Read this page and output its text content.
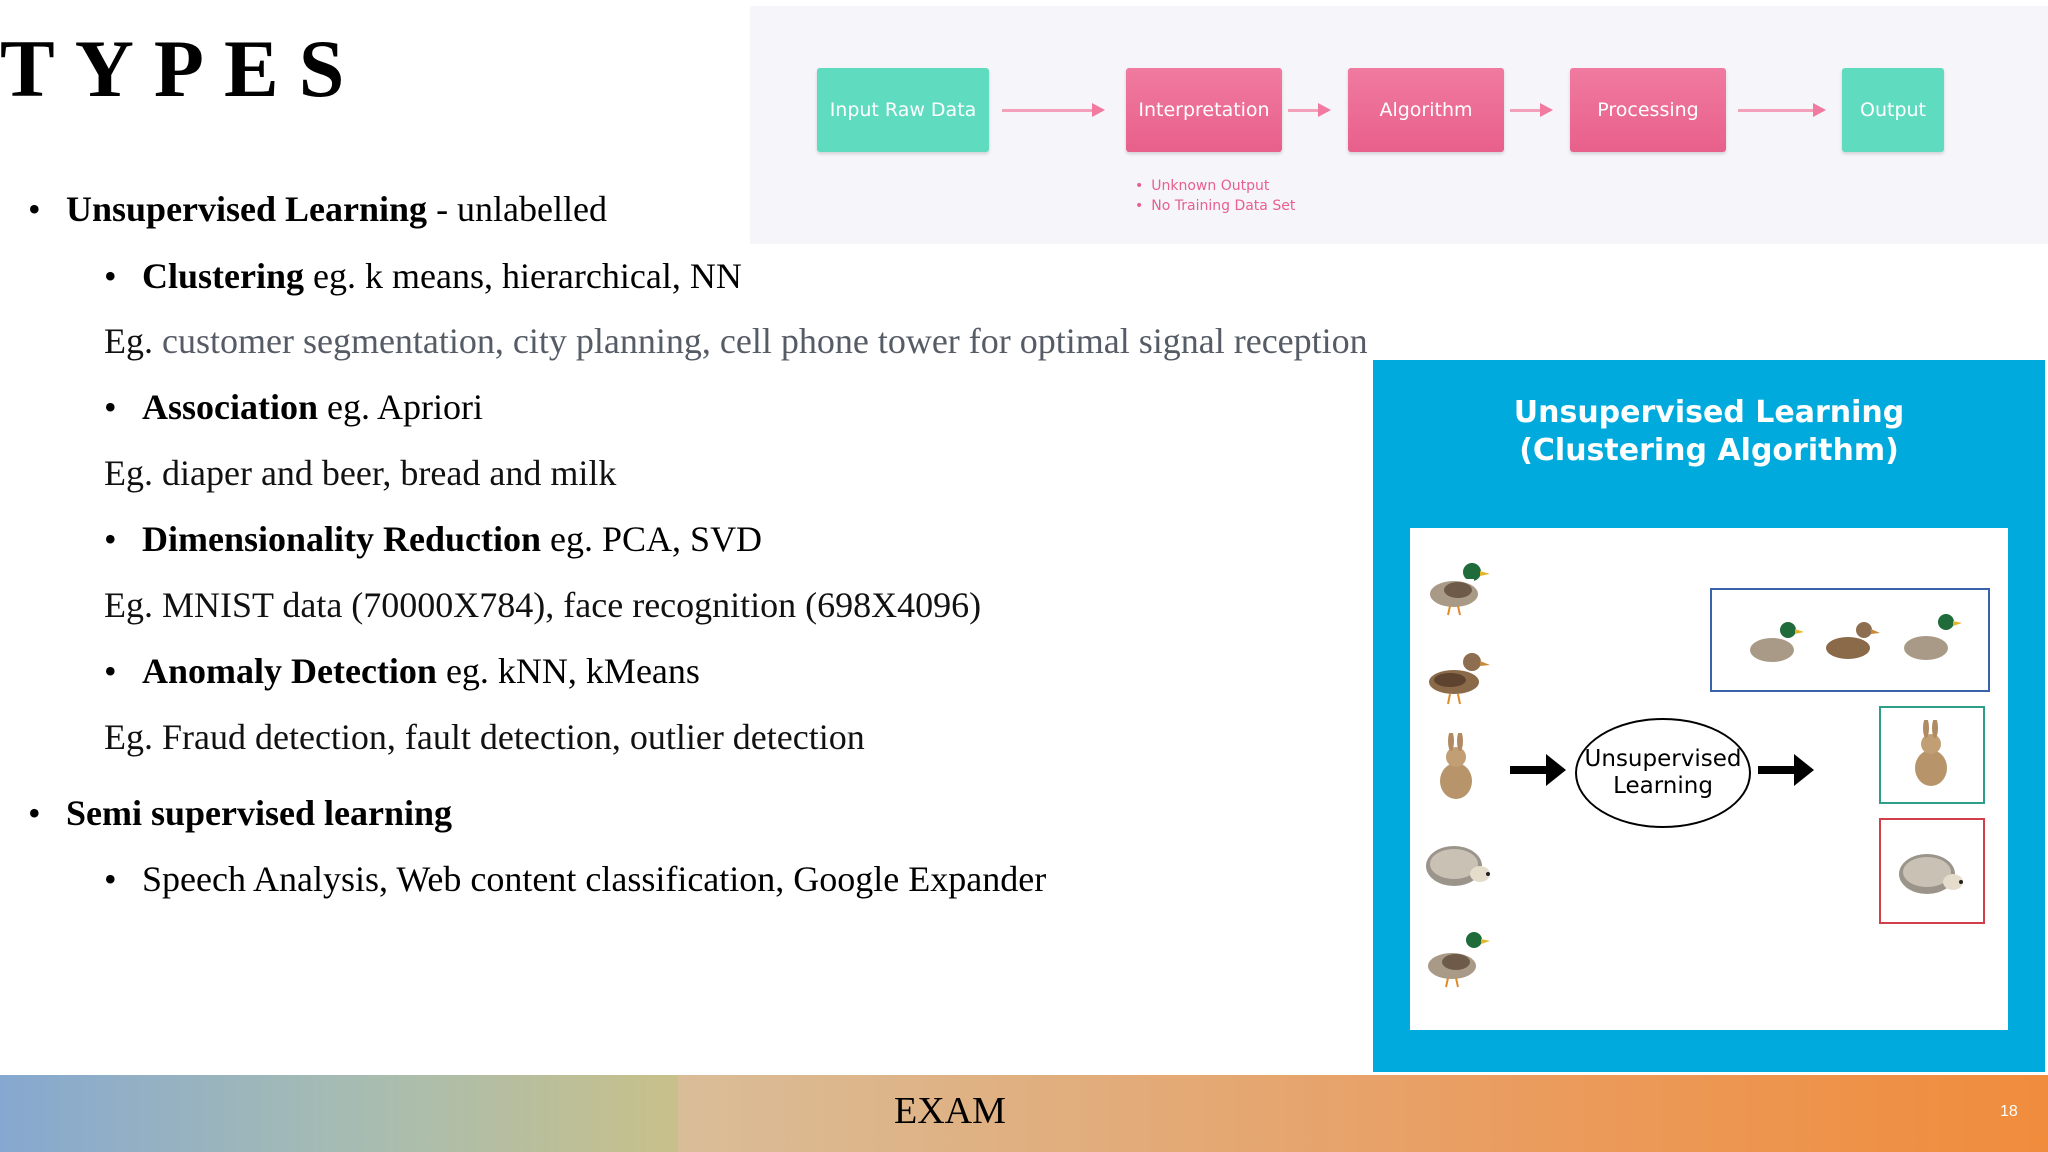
TYPES	Input Raw Data	Interpretation	Algorithm	Processing	Output
• Unknown Output
• No Training Data Set
• Unsupervised Learning - unlabelled
• Clustering eg. k means, hierarchical, NN
Eg. customer segmentation, city planning, cell phone tower for optimal signal reception
• Association eg. Apriori
Eg. diaper and beer, bread and milk
• Dimensionality Reduction eg. PCA, SVD
Eg. MNIST data (70000X784), face recognition (698X4096)
• Anomaly Detection eg. kNN, kMeans
Eg. Fraud detection, fault detection, outlier detection
• Semi supervised learning
• Speech Analysis, Web content classification, Google Expander
Unsupervised Learning
(Clustering Algorithm)
Unsupervised
Learning
EXAM	18
